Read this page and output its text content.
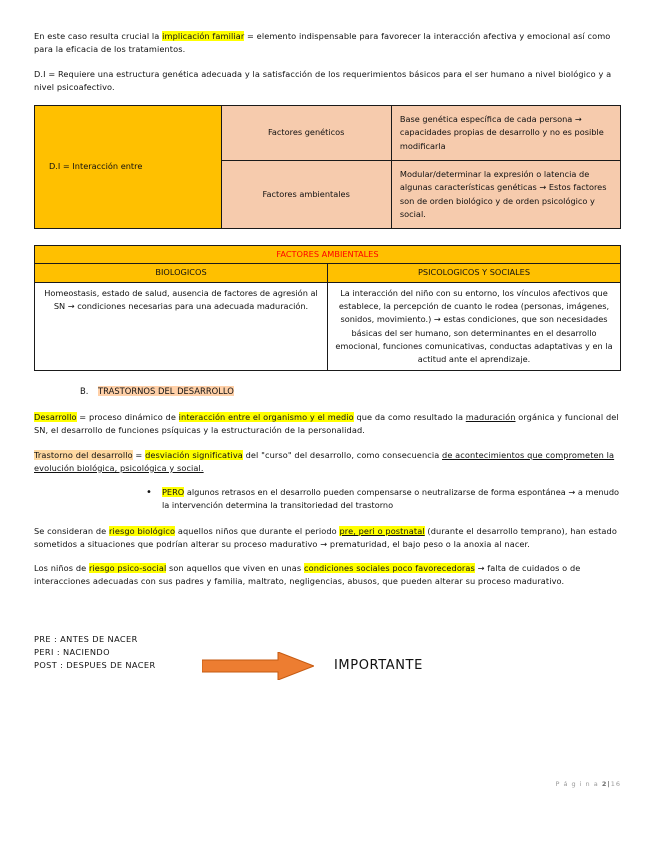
En este caso resulta crucial la implicación familiar = elemento indispensable para favorecer la interacción afectiva y emocional así como para la eficacia de los tratamientos.

D.I = Requiere una estructura genética adecuada y la satisfacción de los requerimientos básicos para el ser humano a nivel biológico y a nivel psicoafectivo.

D.I = Interacción entre	Factores genéticos	Base genética específica de cada persona → capacidades propias de desarrollo y no es posible modificarla
	Factores ambientales	Modular/determinar la expresión o latencia de algunas características genéticas → Estos factores son de orden biológico y de orden psicológico y social.
FACTORES AMBIENTALES	
BIOLOGICOS	PSICOLOGICOS Y SOCIALES
Homeostasis, estado de salud, ausencia de factores de agresión al SN → condiciones necesarias para una adecuada maduración.	La interacción del niño con su entorno, los vínculos afectivos que establece, la percepción de cuanto le rodea (personas, imágenes, sonidos, movimiento.) → estas condiciones, que son necesidades básicas del ser humano, son determinantes en el desarrollo emocional, funciones comunicativas, conductas adaptativas y en la actitud ante el aprendizaje.

B. TRASTORNOS DEL DESARROLLO

Desarrollo = proceso dinámico de interacción entre el organismo y el medio que da como resultado la maduración orgánica y funcional del SN, el desarrollo de funciones psíquicas y la estructuración de la personalidad.

Trastorno del desarrollo = desviación significativa del "curso" del desarrollo, como consecuencia de acontecimientos que comprometen la evolución biológica, psicológica y social.

• PERO algunos retrasos en el desarrollo pueden compensarse o neutralizarse de forma espontánea → a menudo la intervención determina la transitoriedad del trastorno

Se consideran de riesgo biológico aquellos niños que durante el periodo pre, peri o postnatal (durante el desarrollo temprano), han estado sometidos a situaciones que podrían alterar su proceso madurativo → prematuridad, el bajo peso o la anoxia al nacer.

Los niños de riesgo psico-social son aquellos que viven en unas condiciones sociales poco favorecedoras → falta de cuidados o de interacciones adecuadas con sus padres y familia, maltrato, negligencias, abusos, que pueden alterar su proceso madurativo.

PRE : ANTES DE NACER
PERI : NACIENDO
POST : DESPUES DE NACER	IMPORTANTE
P á g i n a 2|16
